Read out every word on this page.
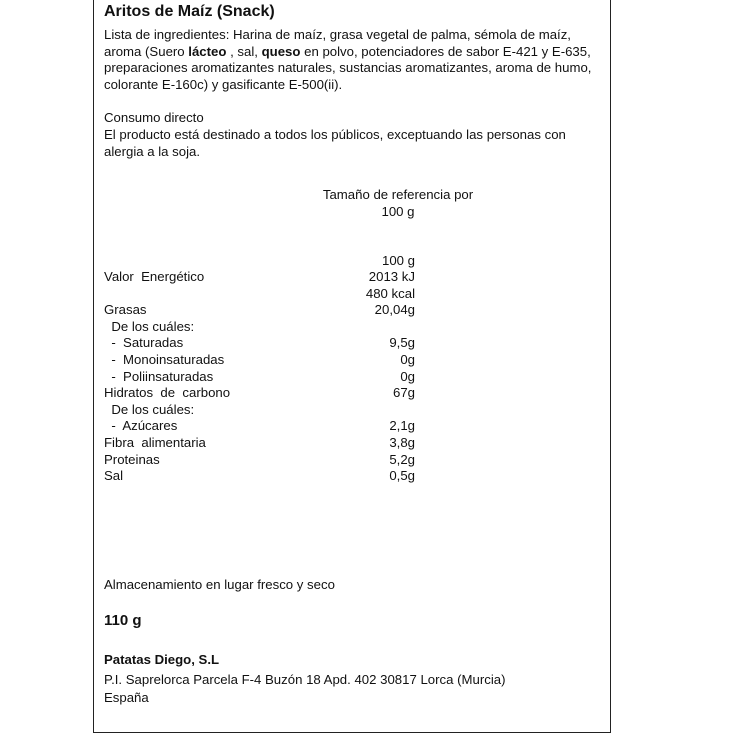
Aritos de Maíz (Snack)
Lista de ingredientes: Harina de maíz, grasa vegetal de palma, sémola de maíz, aroma (Suero lácteo , sal, queso en polvo, potenciadores de sabor E-421 y E-635, preparaciones aromatizantes naturales, sustancias aromatizantes, aroma de humo, colorante E-160c) y gasificante E-500(ii).
Consumo directo
El producto está destinado a todos los públicos, exceptuando las personas con alergia a la soja.
Tamaño de referencia por
100 g
100 g
Valor  Energético	2013 kJ
480 kcal
Grasas	20,04g
De los cuáles:
-  Saturadas	9,5g
-  Monoinsaturadas	0g
-  Poliinsaturadas	0g
Hidratos  de  carbono	67g
De los cuáles:
-  Azúcares	2,1g
Fibra  alimentaria	3,8g
Proteinas	5,2g
Sal	0,5g
Almacenamiento en lugar fresco y seco
110 g
Patatas Diego, S.L
P.I. Saprelorca Parcela F-4 Buzón 18 Apd. 402 30817 Lorca (Murcia)
España
